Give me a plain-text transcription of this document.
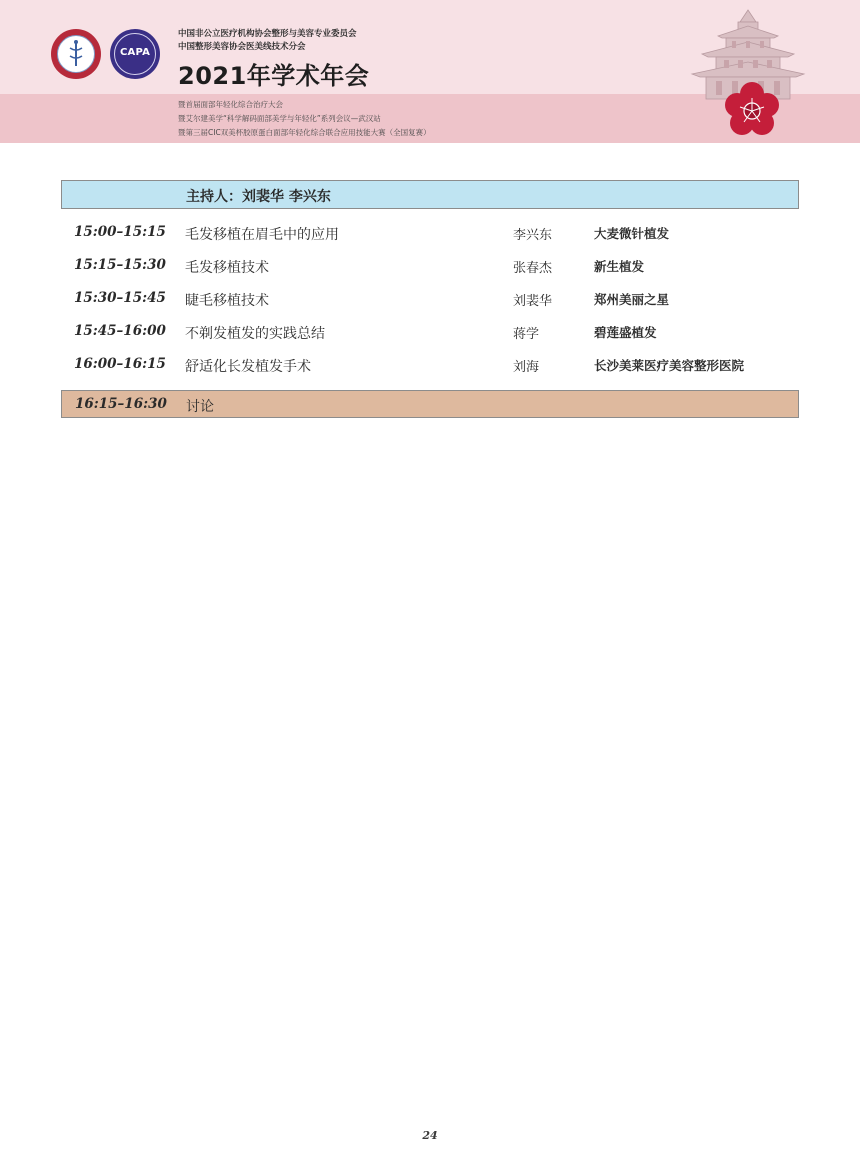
CAPA
中国非公立医疗机构协会整形与美容专业委员会
中国整形美容协会医美线技术分会
2021年学术年会
暨首届面部年轻化综合治疗大会
暨艾尔建美学“科学解码面部美学与年轻化”系列会议—武汉站
暨第三届CIC双美杯胶原蛋白面部年轻化综合联合应用技能大赛（全国复赛）
主持人：刘裴华 李兴东
15:00–15:15 毛发移植在眉毛中的应用	李兴东	大麦微针植发
15:15–15:30 毛发移植技术	张春杰	新生植发
15:30–15:45 睫毛移植技术	刘裴华	郑州美丽之星
15:45–16:00 不剃发植发的实践总结	蒋学	碧莲盛植发
16:00–16:15 舒适化长发植发手术	刘海	长沙美莱医疗美容整形医院
16:15–16:30 讨论
24
